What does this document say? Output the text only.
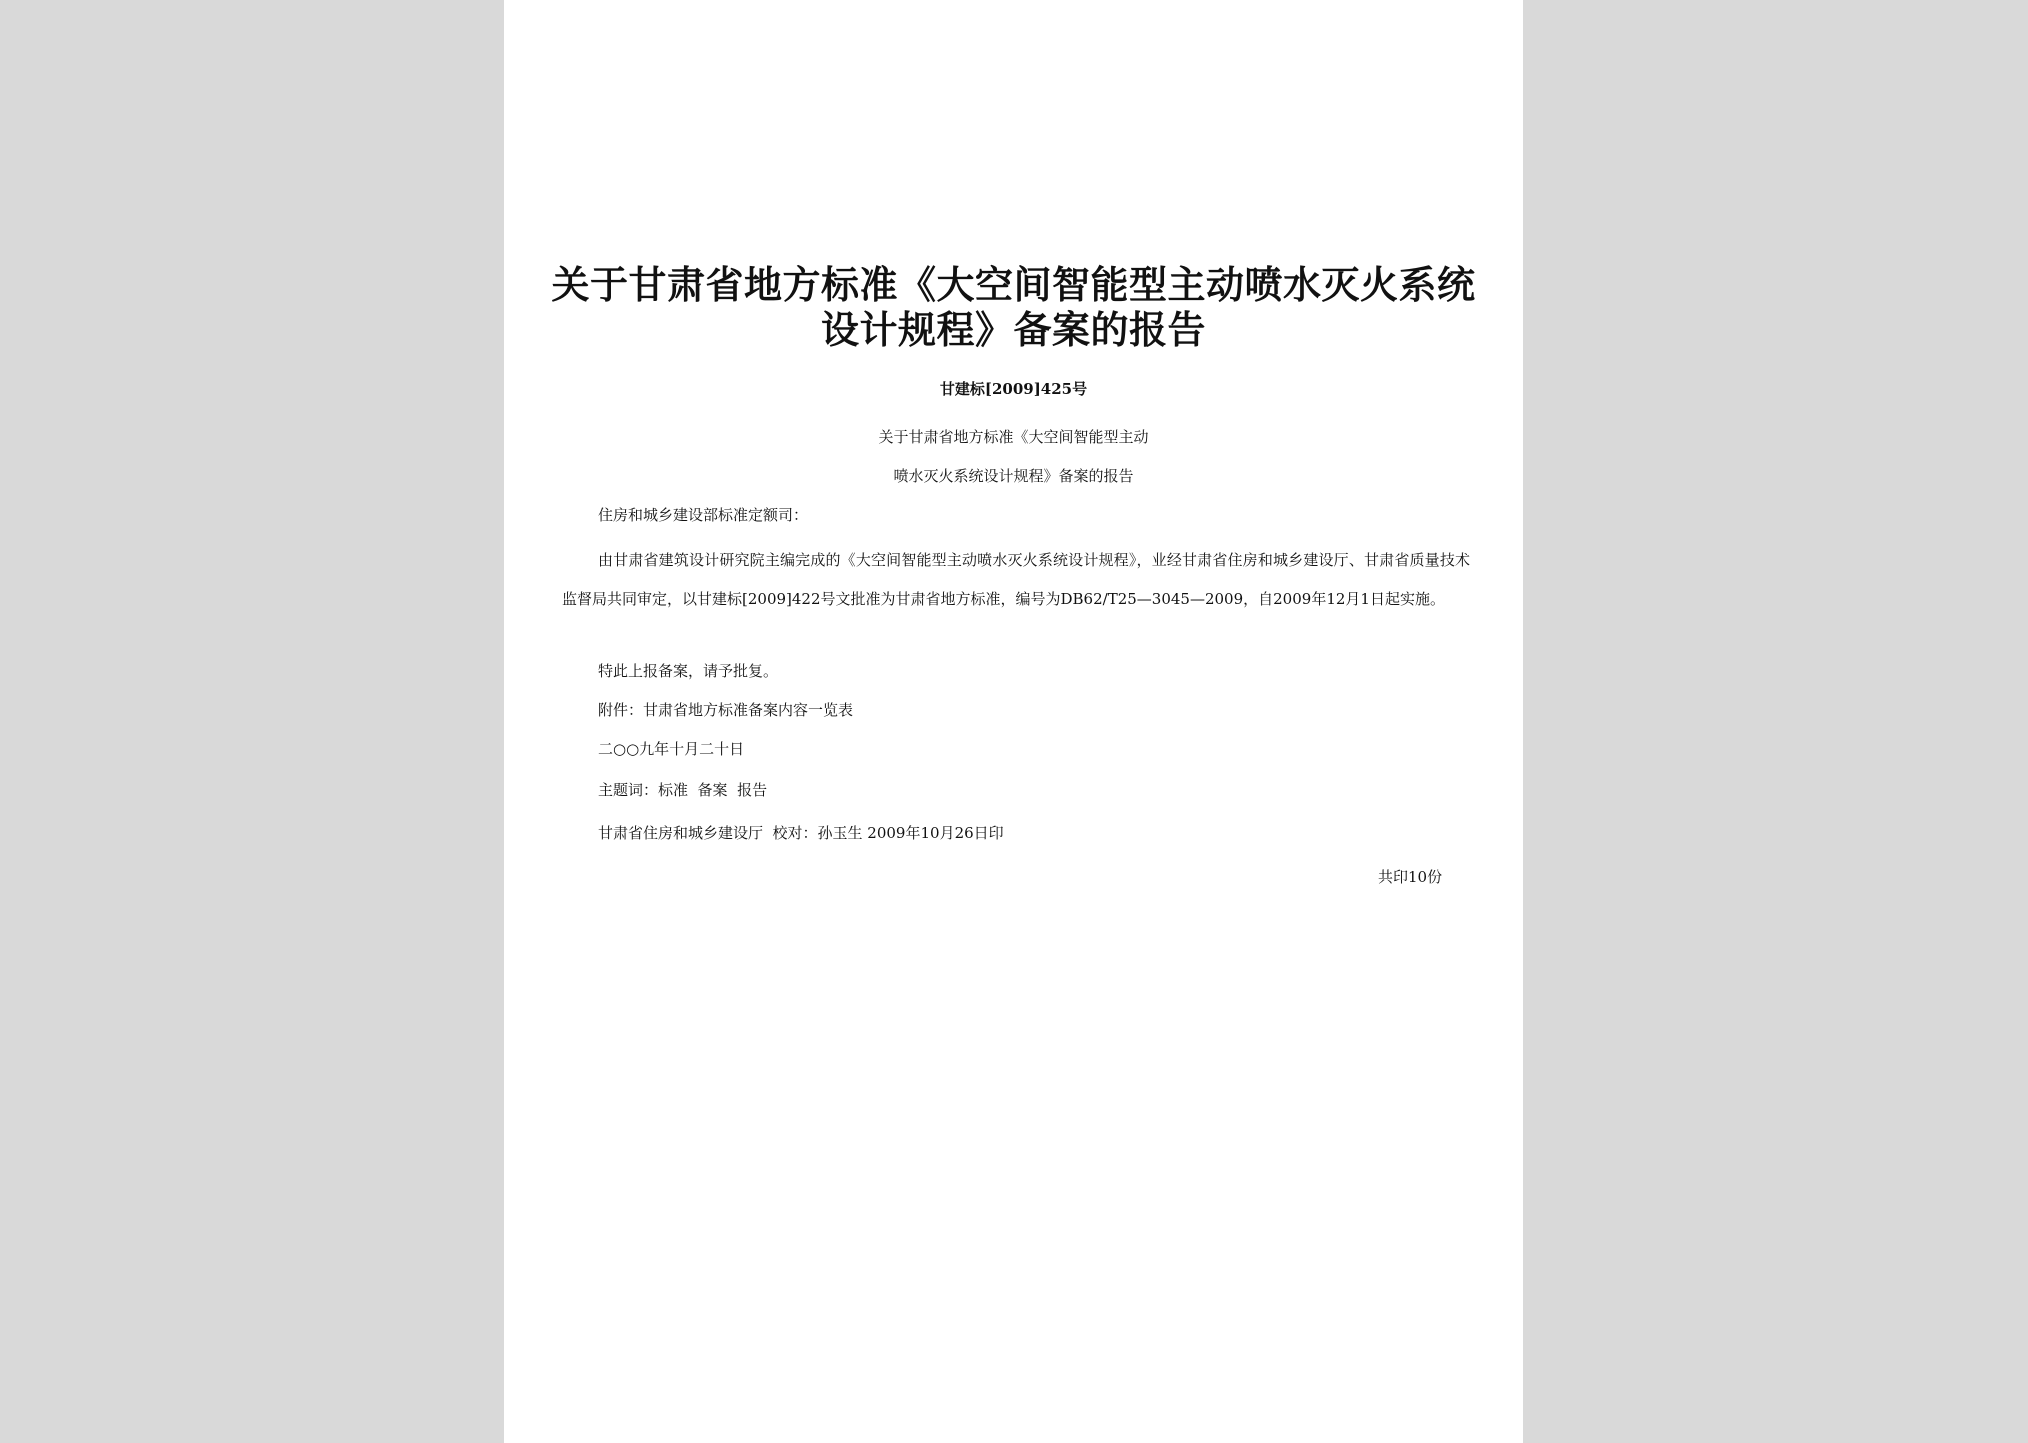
关于甘肃省地方标准《大空间智能型主动喷水灭火系统
设计规程》备案的报告
甘建标[2009]425号
关于甘肃省地方标准《大空间智能型主动
喷水灭火系统设计规程》备案的报告
住房和城乡建设部标准定额司：
由甘肃省建筑设计研究院主编完成的《大空间智能型主动喷水灭火系统设计规程》，业经甘肃省住房和城乡建设厅、甘肃省质量技术监督局共同审定，以甘建标[2009]422号文批准为甘肃省地方标准，编号为DB62/T25—3045—2009，自2009年12月1日起实施。
特此上报备案，请予批复。
附件：甘肃省地方标准备案内容一览表
二○○九年十月二十日
主题词：标准  备案  报告
甘肃省住房和城乡建设厅  校对：孙玉生 2009年10月26日印
共印10份
